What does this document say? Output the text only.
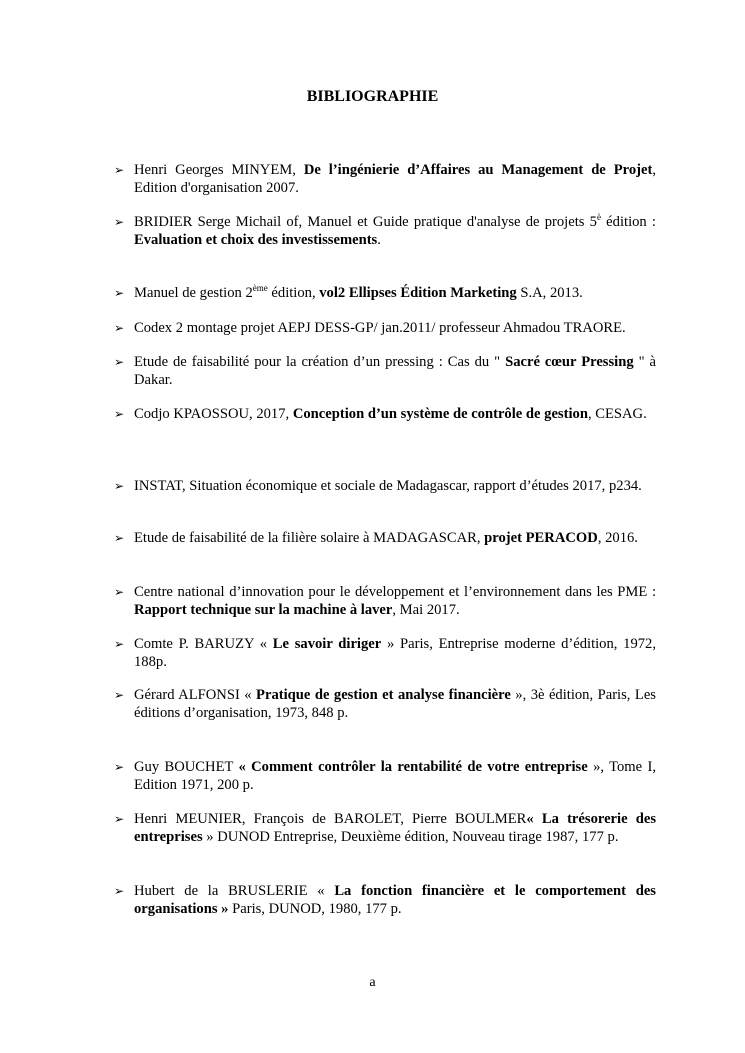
BIBLIOGRAPHIE
➢ Henri Georges MINYEM, De l’ingénierie d’Affaires au Management de Projet, Edition d'organisation 2007.
➢ BRIDIER Serge Michail of, Manuel et Guide pratique d'analyse de projets $5^è$ édition : Evaluation et choix des investissements.
➢ Manuel de gestion 2ème édition, vol2 Ellipses Édition Marketing S.A, 2013.
➢ Codex 2 montage projet AEPJ DESS-GP/ jan.2011/ professeur Ahmadou TRAORE.
➢ Etude de faisabilité pour la création d’un pressing : Cas du " Sacré cœur Pressing " à Dakar.
➢ Codjo KPAOSSOU, 2017, Conception d’un système de contrôle de gestion, CESAG.
➢ INSTAT, Situation économique et sociale de Madagascar, rapport d’études 2017, p234.
➢ Etude de faisabilité de la filière solaire à MADAGASCAR, projet PERACOD, 2016.
➢ Centre national d’innovation pour le développement et l’environnement dans les PME : Rapport technique sur la machine à laver, Mai 2017.
➢ Comte P. BARUZY « Le savoir diriger » Paris, Entreprise moderne d’édition, 1972, 188p.
➢ Gérard ALFONSI « Pratique de gestion et analyse financière », 3è édition, Paris, Les éditions d’organisation, 1973, 848 p.
➢ Guy BOUCHET « Comment contrôler la rentabilité de votre entreprise », Tome I, Edition 1971, 200 p.
➢ Henri MEUNIER, François de BAROLET, Pierre BOULMER« La trésorerie des entreprises » DUNOD Entreprise, Deuxième édition, Nouveau tirage 1987, 177 p.
➢ Hubert de la BRUSLERIE « La fonction financière et le comportement des organisations » Paris, DUNOD, 1980, 177 p.
a
